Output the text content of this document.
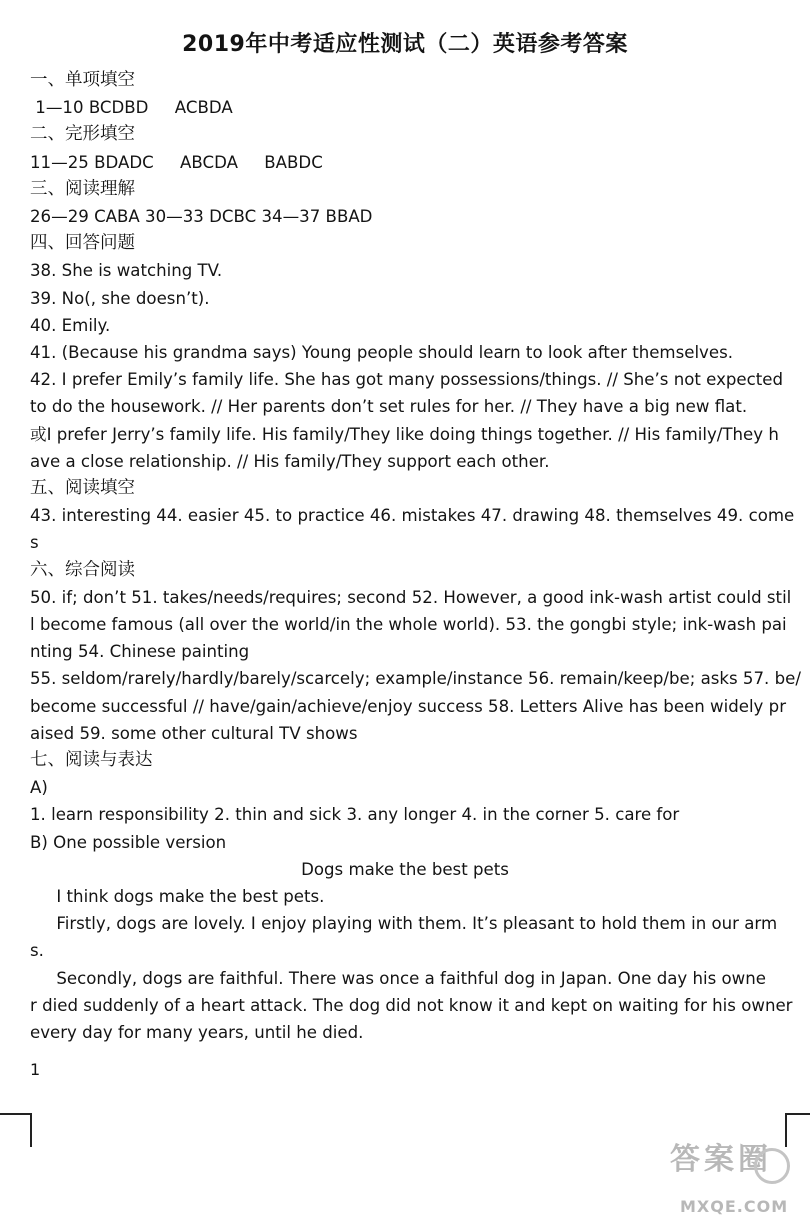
2019年中考适应性测试（二）英语参考答案
一、单项填空
1—10 BCDBD     ACBDA
二、完形填空
11—25 BDADC     ABCDA     BABDC
三、阅读理解
26—29 CABA 30—33 DCBC 34—37 BBAD
四、回答问题
38. She is watching TV.
39. No(, she doesn’t).
40. Emily.
41. (Because his grandma says) Young people should learn to look after themselves.
42. I prefer Emily’s family life. She has got many possessions/things. // She’s not expected
to do the housework. // Her parents don’t set rules for her. // They have a big new flat.
或I prefer Jerry’s family life. His family/They like doing things together. // His family/They h
ave a close relationship. // His family/They support each other.
五、阅读填空
43. interesting 44. easier 45. to practice 46. mistakes 47. drawing 48. themselves 49. come
s
六、综合阅读
50. if; don’t 51. takes/needs/requires; second 52. However, a good ink-wash artist could stil
l become famous (all over the world/in the whole world). 53. the gongbi style; ink-wash pai
nting 54. Chinese painting
55. seldom/rarely/hardly/barely/scarcely; example/instance 56. remain/keep/be; asks 57. be/
become successful // have/gain/achieve/enjoy success 58. Letters Alive has been widely pr
aised 59. some other cultural TV shows
七、阅读与表达
A)
1. learn responsibility 2. thin and sick 3. any longer 4. in the corner 5. care for
B) One possible version
Dogs make the best pets
I think dogs make the best pets.
Firstly, dogs are lovely. I enjoy playing with them. It’s pleasant to hold them in our arm
s.
Secondly, dogs are faithful. There was once a faithful dog in Japan. One day his owne
r died suddenly of a heart attack. The dog did not know it and kept on waiting for his owner
every day for many years, until he died.
1
答案圈
MXQE.COM
